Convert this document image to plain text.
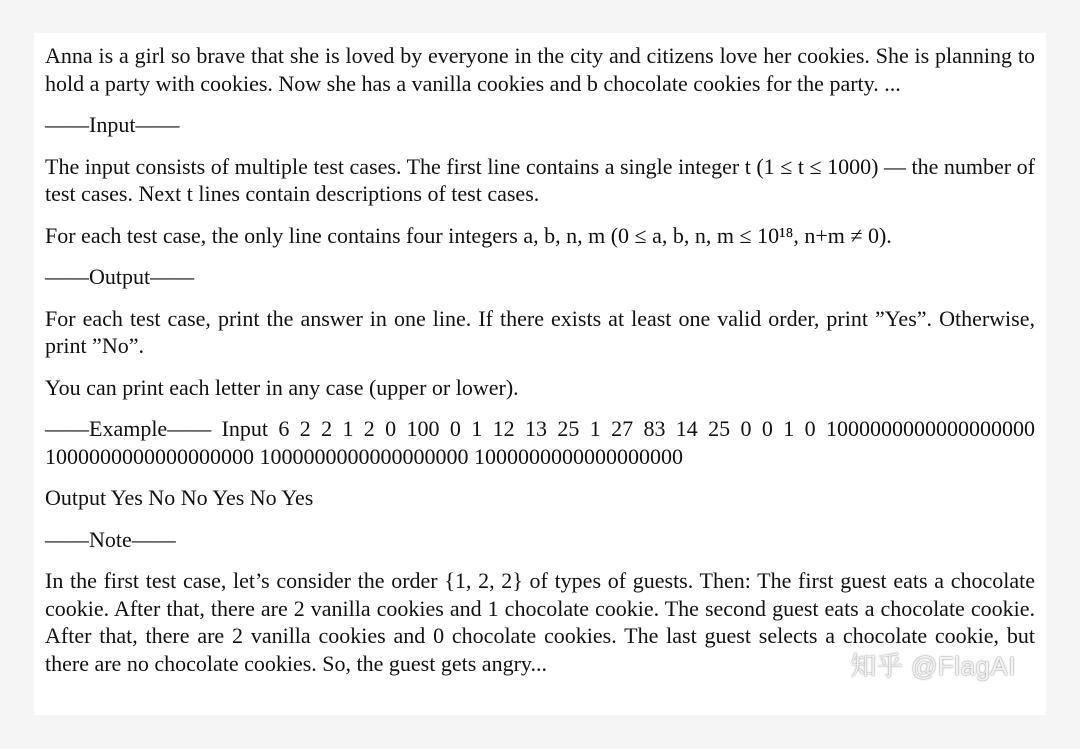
Anna is a girl so brave that she is loved by everyone in the city and citizens love her cookies. She is planning to hold a party with cookies. Now she has a vanilla cookies and b chocolate cookies for the party. ...

——Input——

The input consists of multiple test cases. The first line contains a single integer t (1 ≤ t ≤ 1000) — the number of test cases. Next t lines contain descriptions of test cases.

For each test case, the only line contains four integers a, b, n, m (0 ≤ a, b, n, m ≤ 10¹⁸, n+m ≠ 0).

——Output——

For each test case, print the answer in one line. If there exists at least one valid order, print ”Yes”. Otherwise, print ”No”.

You can print each letter in any case (upper or lower).

——Example—— Input 6 2 2 1 2 0 100 0 1 12 13 25 1 27 83 14 25 0 0 1 0 1000000000000000000 1000000000000000000 1000000000000000000 1000000000000000000

Output Yes No No Yes No Yes

——Note——

In the first test case, let’s consider the order {1, 2, 2} of types of guests. Then: The first guest eats a chocolate cookie. After that, there are 2 vanilla cookies and 1 chocolate cookie. The second guest eats a chocolate cookie. After that, there are 2 vanilla cookies and 0 chocolate cookies. The last guest selects a chocolate cookie, but there are no chocolate cookies. So, the guest gets angry...	知乎 @FlagAI
